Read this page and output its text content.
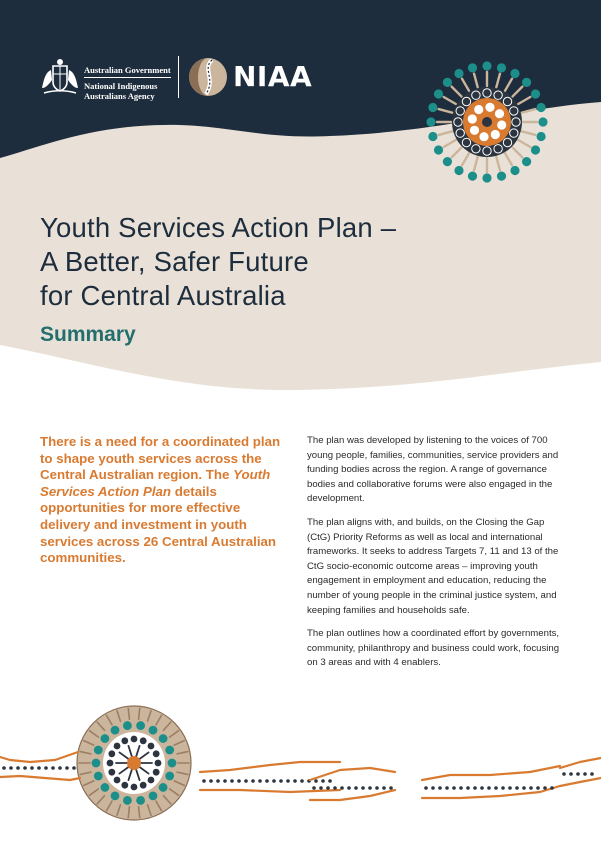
Australian Government
National Indigenous
Australians Agency
NIAA
Youth Services Action Plan –
A Better, Safer Future
for Central Australia
Summary
There is a need for a coordinated plan to shape youth services across the Central Australian region. The Youth Services Action Plan details opportunities for more effective delivery and investment in youth services across 26 Central Australian communities.

The plan was developed by listening to the voices of 700 young people, families, communities, service providers and funding bodies across the region. A range of governance bodies and collaborative forums were also engaged in the development.

The plan aligns with, and builds, on the Closing the Gap (CtG) Priority Reforms as well as local and international frameworks. It seeks to address Targets 7, 11 and 13 of the CtG socio-economic outcome areas – improving youth engagement in employment and education, reducing the number of young people in the criminal justice system, and keeping families and households safe.

The plan outlines how a coordinated effort by governments, community, philanthropy and business could work, focusing on 3 areas and with 4 enablers.
